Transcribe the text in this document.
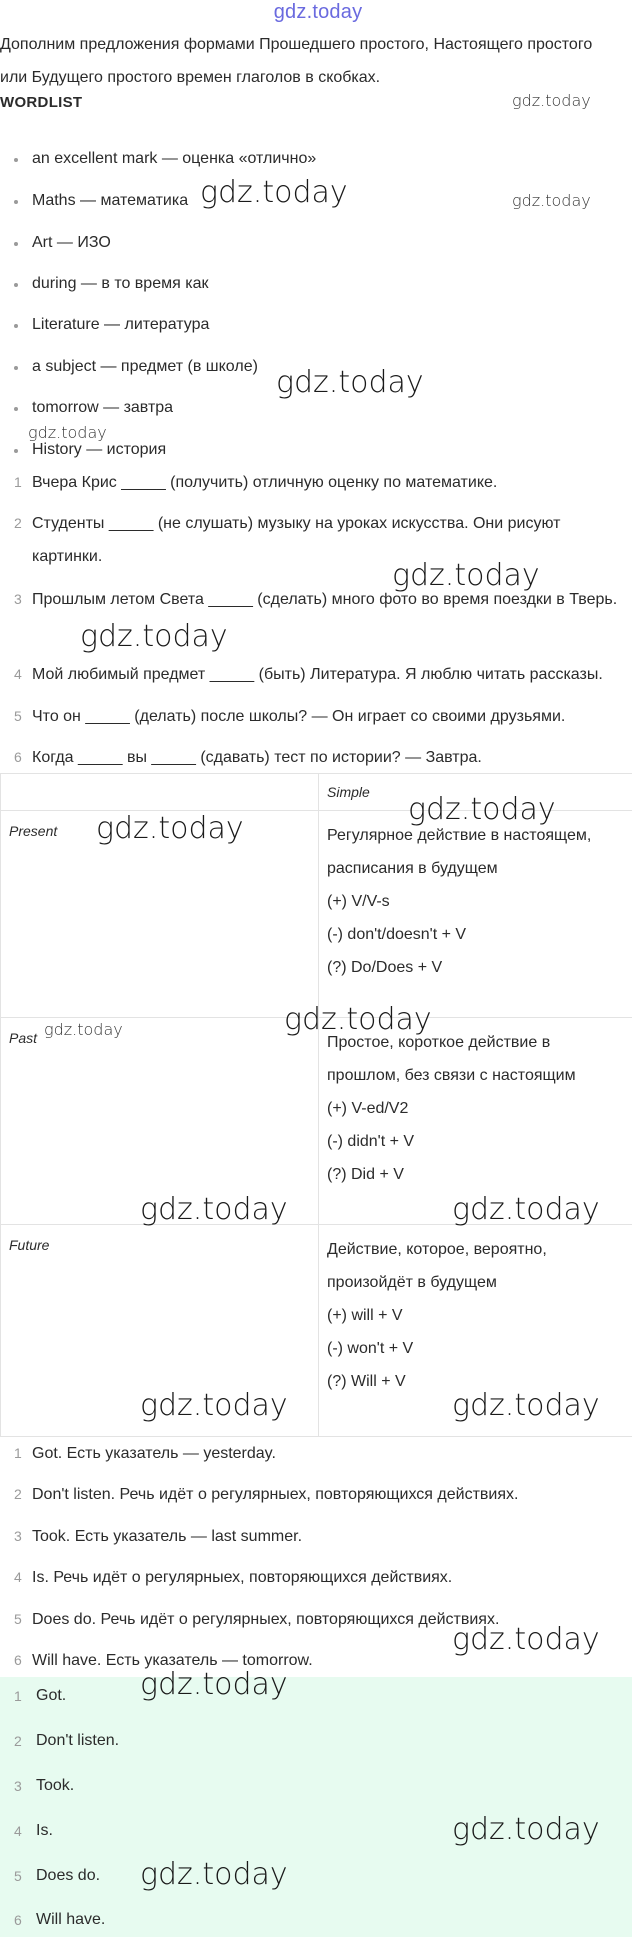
gdz.today
Дополним предложения формами Прошедшего простого, Настоящего простого или Будущего простого времен глаголов в скобках.
WORDLIST
an excellent mark — оценка «отлично»
Maths — математика
Art — ИЗО
during — в то время как
Literature — литература
a subject — предмет (в школе)
tomorrow — завтра
History — история
1 Вчера Крис _____ (получить) отличную оценку по математике.
2 Студенты _____ (не слушать) музыку на уроках искусства. Они рисуют картинки.
3 Прошлым летом Света _____ (сделать) много фото во время поездки в Тверь.
4 Мой любимый предмет _____ (быть) Литература. Я люблю читать рассказы.
5 Что он _____ (делать) после школы? — Он играет со своими друзьями.
6 Когда _____ вы _____ (сдавать) тест по истории? — Завтра.

	Simple

Present	Регулярное действие в настоящем,
расписания в будущем
(+) V/V-s
(-) don't/doesn't + V
(?) Do/Does + V

Past	Простое, короткое действие в
прошлом, без связи с настоящим
(+) V-ed/V2
(-) didn't + V
(?) Did + V

Future	Действие, которое, вероятно,
произойдёт в будущем
(+) will + V
(-) won't + V
(?) Will + V
1 Got. Есть указатель — yesterday.
2 Don't listen. Речь идёт о регулярныех, повторяющихся действиях.
3 Took. Есть указатель — last summer.
4 Is. Речь идёт о регулярныех, повторяющихся действиях.
5 Does do. Речь идёт о регулярныех, повторяющихся действиях.
6 Will have. Есть указатель — tomorrow.
1 Got.
2 Don't listen.
3 Took.
4 Is.
5 Does do.
6 Will have.
gdz.today
gdz.today	gdz.today
gdz.today
gdz.today
gdz.today
gdz.today
gdz.today
gdz.today
gdz.today	gdz.today
gdz.today	gdz.today
gdz.today	gdz.today
gdz.today
gdz.today
gdz.today
gdz.today
